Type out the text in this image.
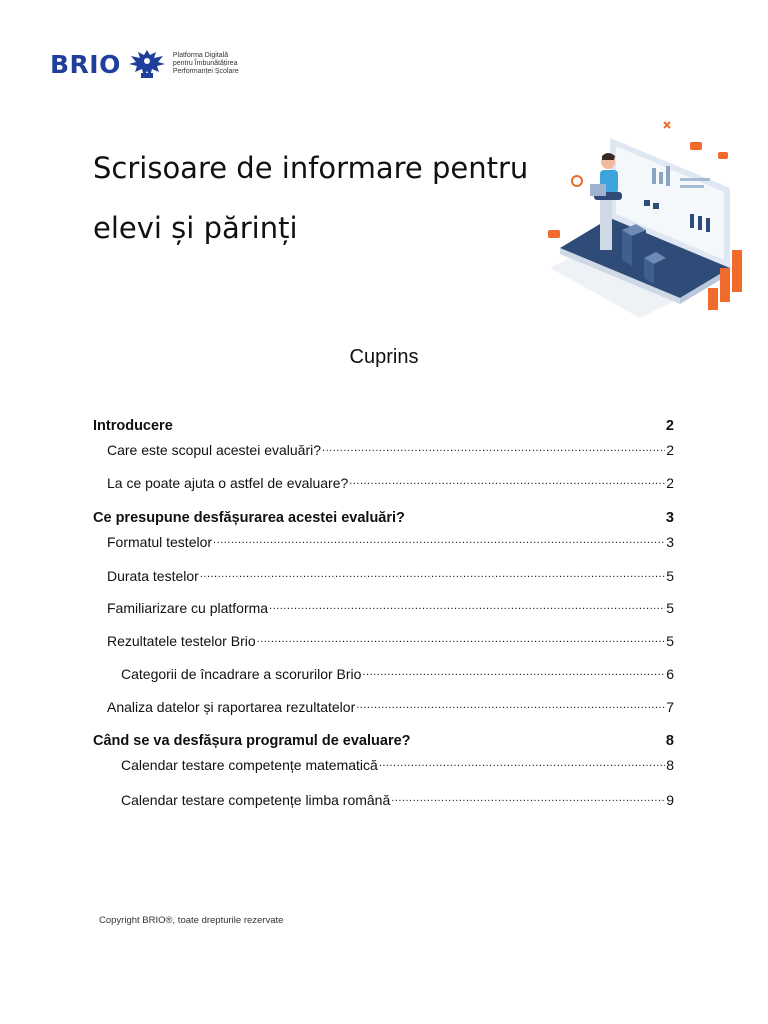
BRIO	Platforma Digitală
pentru Îmbunătățirea
Performanței Școlare
Scrisoare de informare pentru
elevi și părinți
Cuprins
Introducere	2
Care este scopul acestei evaluări? .....	2
La ce poate ajuta o astfel de evaluare? .....	2
Ce presupune desfășurarea acestei evaluări?	3
Formatul testelor .....	3
Durata testelor .....	5
Familiarizare cu platforma .....	5
Rezultatele testelor Brio .....	5
Categorii de încadrare a scorurilor Brio .....	6
Analiza datelor și raportarea rezultatelor .....	7
Când se va desfășura programul de evaluare?	8
Calendar testare competențe matematică .....	8
Calendar testare competențe limba română .....	9
Copyright BRIO®, toate drepturile rezervate
